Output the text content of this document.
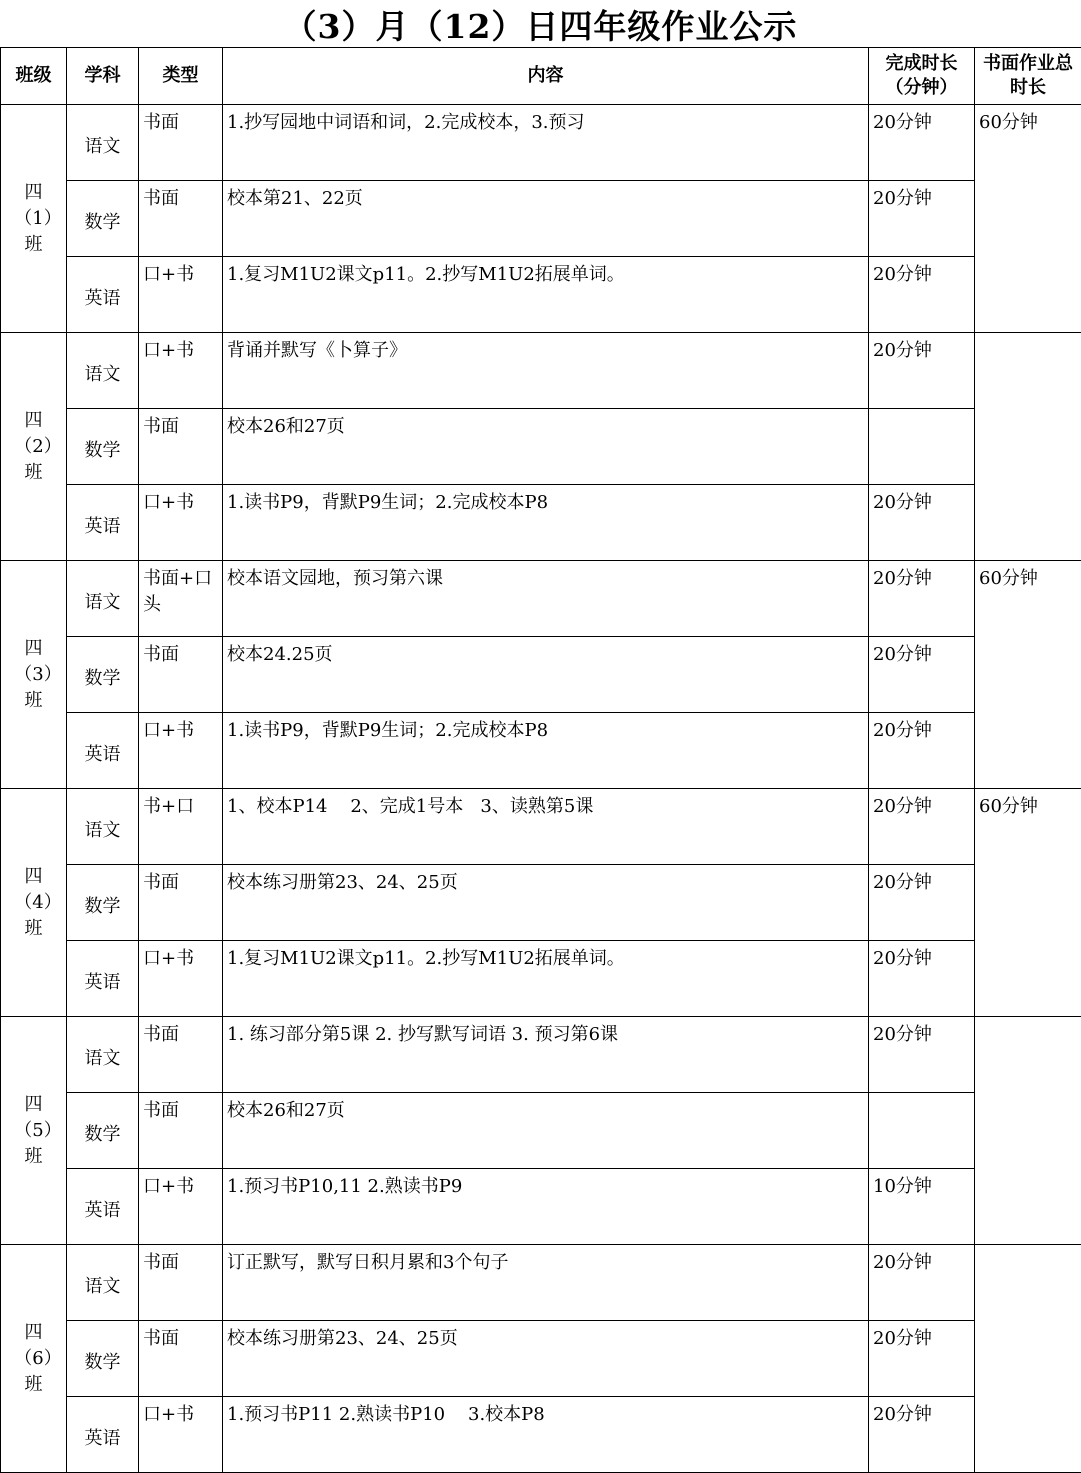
（3）月（12）日四年级作业公示
班级	学科	类型	内容	完成时长（分钟）	书面作业总时长
四（1）班	语文	书面	1.抄写园地中词语和词，2.完成校本，3.预习	20分钟	60分钟
	数学	书面	校本第21、22页	20分钟	
	英语	口+书	1.复习M1U2课文p11。2.抄写M1U2拓展单词。	20分钟	
四（2）班	语文	口+书	背诵并默写《卜算子》	20分钟	
	数学	书面	校本26和27页		
	英语	口+书	1.读书P9，背默P9生词；2.完成校本P8	20分钟	
四（3）班	语文	书面+口头	校本语文园地，预习第六课	20分钟	60分钟
	数学	书面	校本24.25页	20分钟	
	英语	口+书	1.读书P9，背默P9生词；2.完成校本P8	20分钟	
四（4）班	语文	书+口	1、校本P14    2、完成1号本   3、读熟第5课	20分钟	60分钟
	数学	书面	校本练习册第23、24、25页	20分钟	
	英语	口+书	1.复习M1U2课文p11。2.抄写M1U2拓展单词。	20分钟	
四（5）班	语文	书面	1. 练习部分第5课 2. 抄写默写词语 3. 预习第6课	20分钟	
	数学	书面	校本26和27页		
	英语	口+书	1.预习书P10,11 2.熟读书P9	10分钟	
四（6）班	语文	书面	订正默写，默写日积月累和3个句子	20分钟	
	数学	书面	校本练习册第23、24、25页	20分钟	
	英语	口+书	1.预习书P11 2.熟读书P10    3.校本P8	20分钟	
